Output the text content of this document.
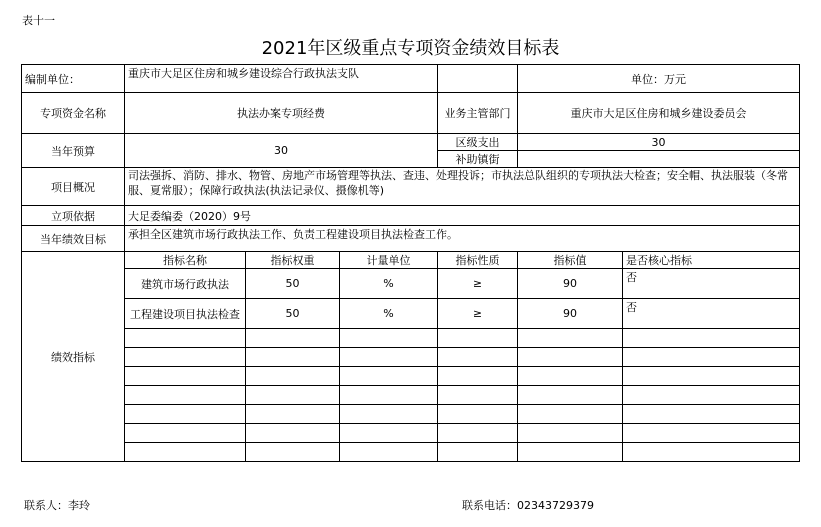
表十一
2021年区级重点专项资金绩效目标表
编制单位：	重庆市大足区住房和城乡建设综合行政执法支队				单位：万元	
专项资金名称	执法办案专项经费			业务主管部门	重庆市大足区住房和城乡建设委员会	
当年预算	30			区级支出	30	
				补助镇街		
项目概况	司法强拆、消防、排水、物管、房地产市场管理等执法、查违、处理投诉；市执法总队组织的专项执法大检查；安全帽、执法服装（冬常服、夏常服）；保障行政执法(执法记录仪、摄像机等)					
立项依据	大足委编委（2020）9号					
当年绩效目标	承担全区建筑市场行政执法工作、负责工程建设项目执法检查工作。					
绩效指标	指标名称	指标权重	计量单位	指标性质	指标值	是否核心指标
	建筑市场行政执法	50	%	≥	90	否
	工程建设项目执法检查	50	%	≥	90	否

联系人：李玲	联系电话：02343729379
